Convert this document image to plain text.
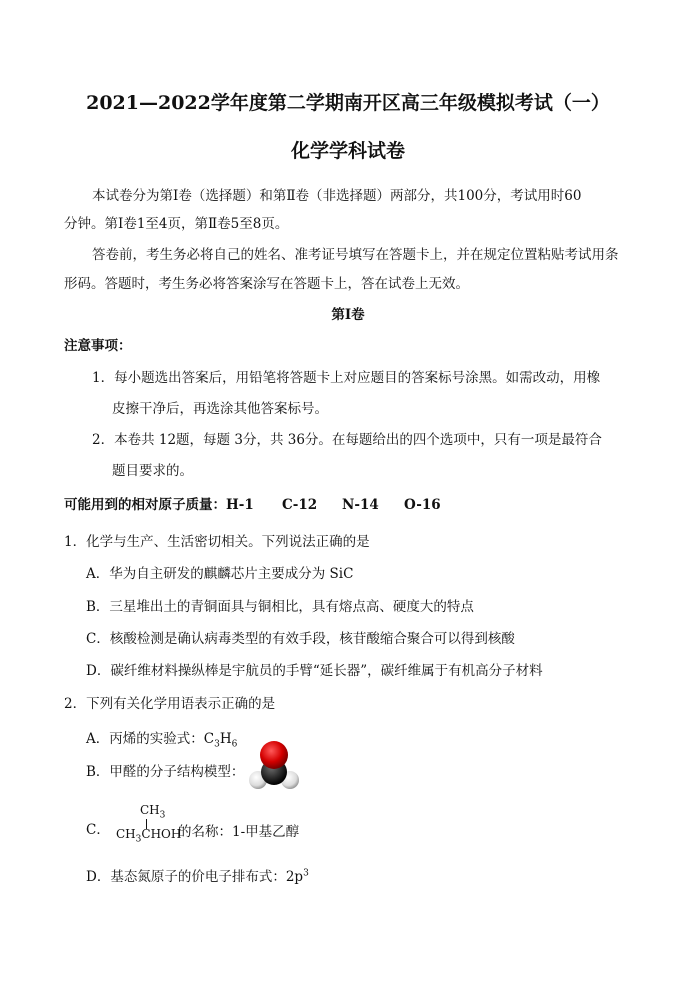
2021—2022学年度第二学期南开区高三年级模拟考试（一）
化学学科试卷
本试卷分为第Ⅰ卷（选择题）和第Ⅱ卷（非选择题）两部分，共100分，考试用时60
分钟。第Ⅰ卷1至4页，第Ⅱ卷5至8页。
答卷前，考生务必将自己的姓名、准考证号填写在答题卡上，并在规定位置粘贴考试用条
形码。答题时，考生务必将答案涂写在答题卡上，答在试卷上无效。
第Ⅰ卷
注意事项：
1．每小题选出答案后，用铅笔将答题卡上对应题目的答案标号涂黑。如需改动，用橡
皮擦干净后，再选涂其他答案标号。
2．本卷共 12题，每题 3分，共 36分。在每题给出的四个选项中，只有一项是最符合
题目要求的。
可能用到的相对原子质量：H-1 C-12 N-14 O-16
1．化学与生产、生活密切相关。下列说法正确的是
A．华为自主研发的麒麟芯片主要成分为 SiC
B．三星堆出土的青铜面具与铜相比，具有熔点高、硬度大的特点
C．核酸检测是确认病毒类型的有效手段，核苷酸缩合聚合可以得到核酸
D．碳纤维材料操纵棒是宇航员的手臂“延长器”，碳纤维属于有机高分子材料
2．下列有关化学用语表示正确的是
A．丙烯的实验式：$C_3H_6$
B．甲醛的分子结构模型：
C．
$CH_3$
$CH_3CHOH$
的名称：1-甲基乙醇
D．基态氮原子的价电子排布式：$2p^3$
